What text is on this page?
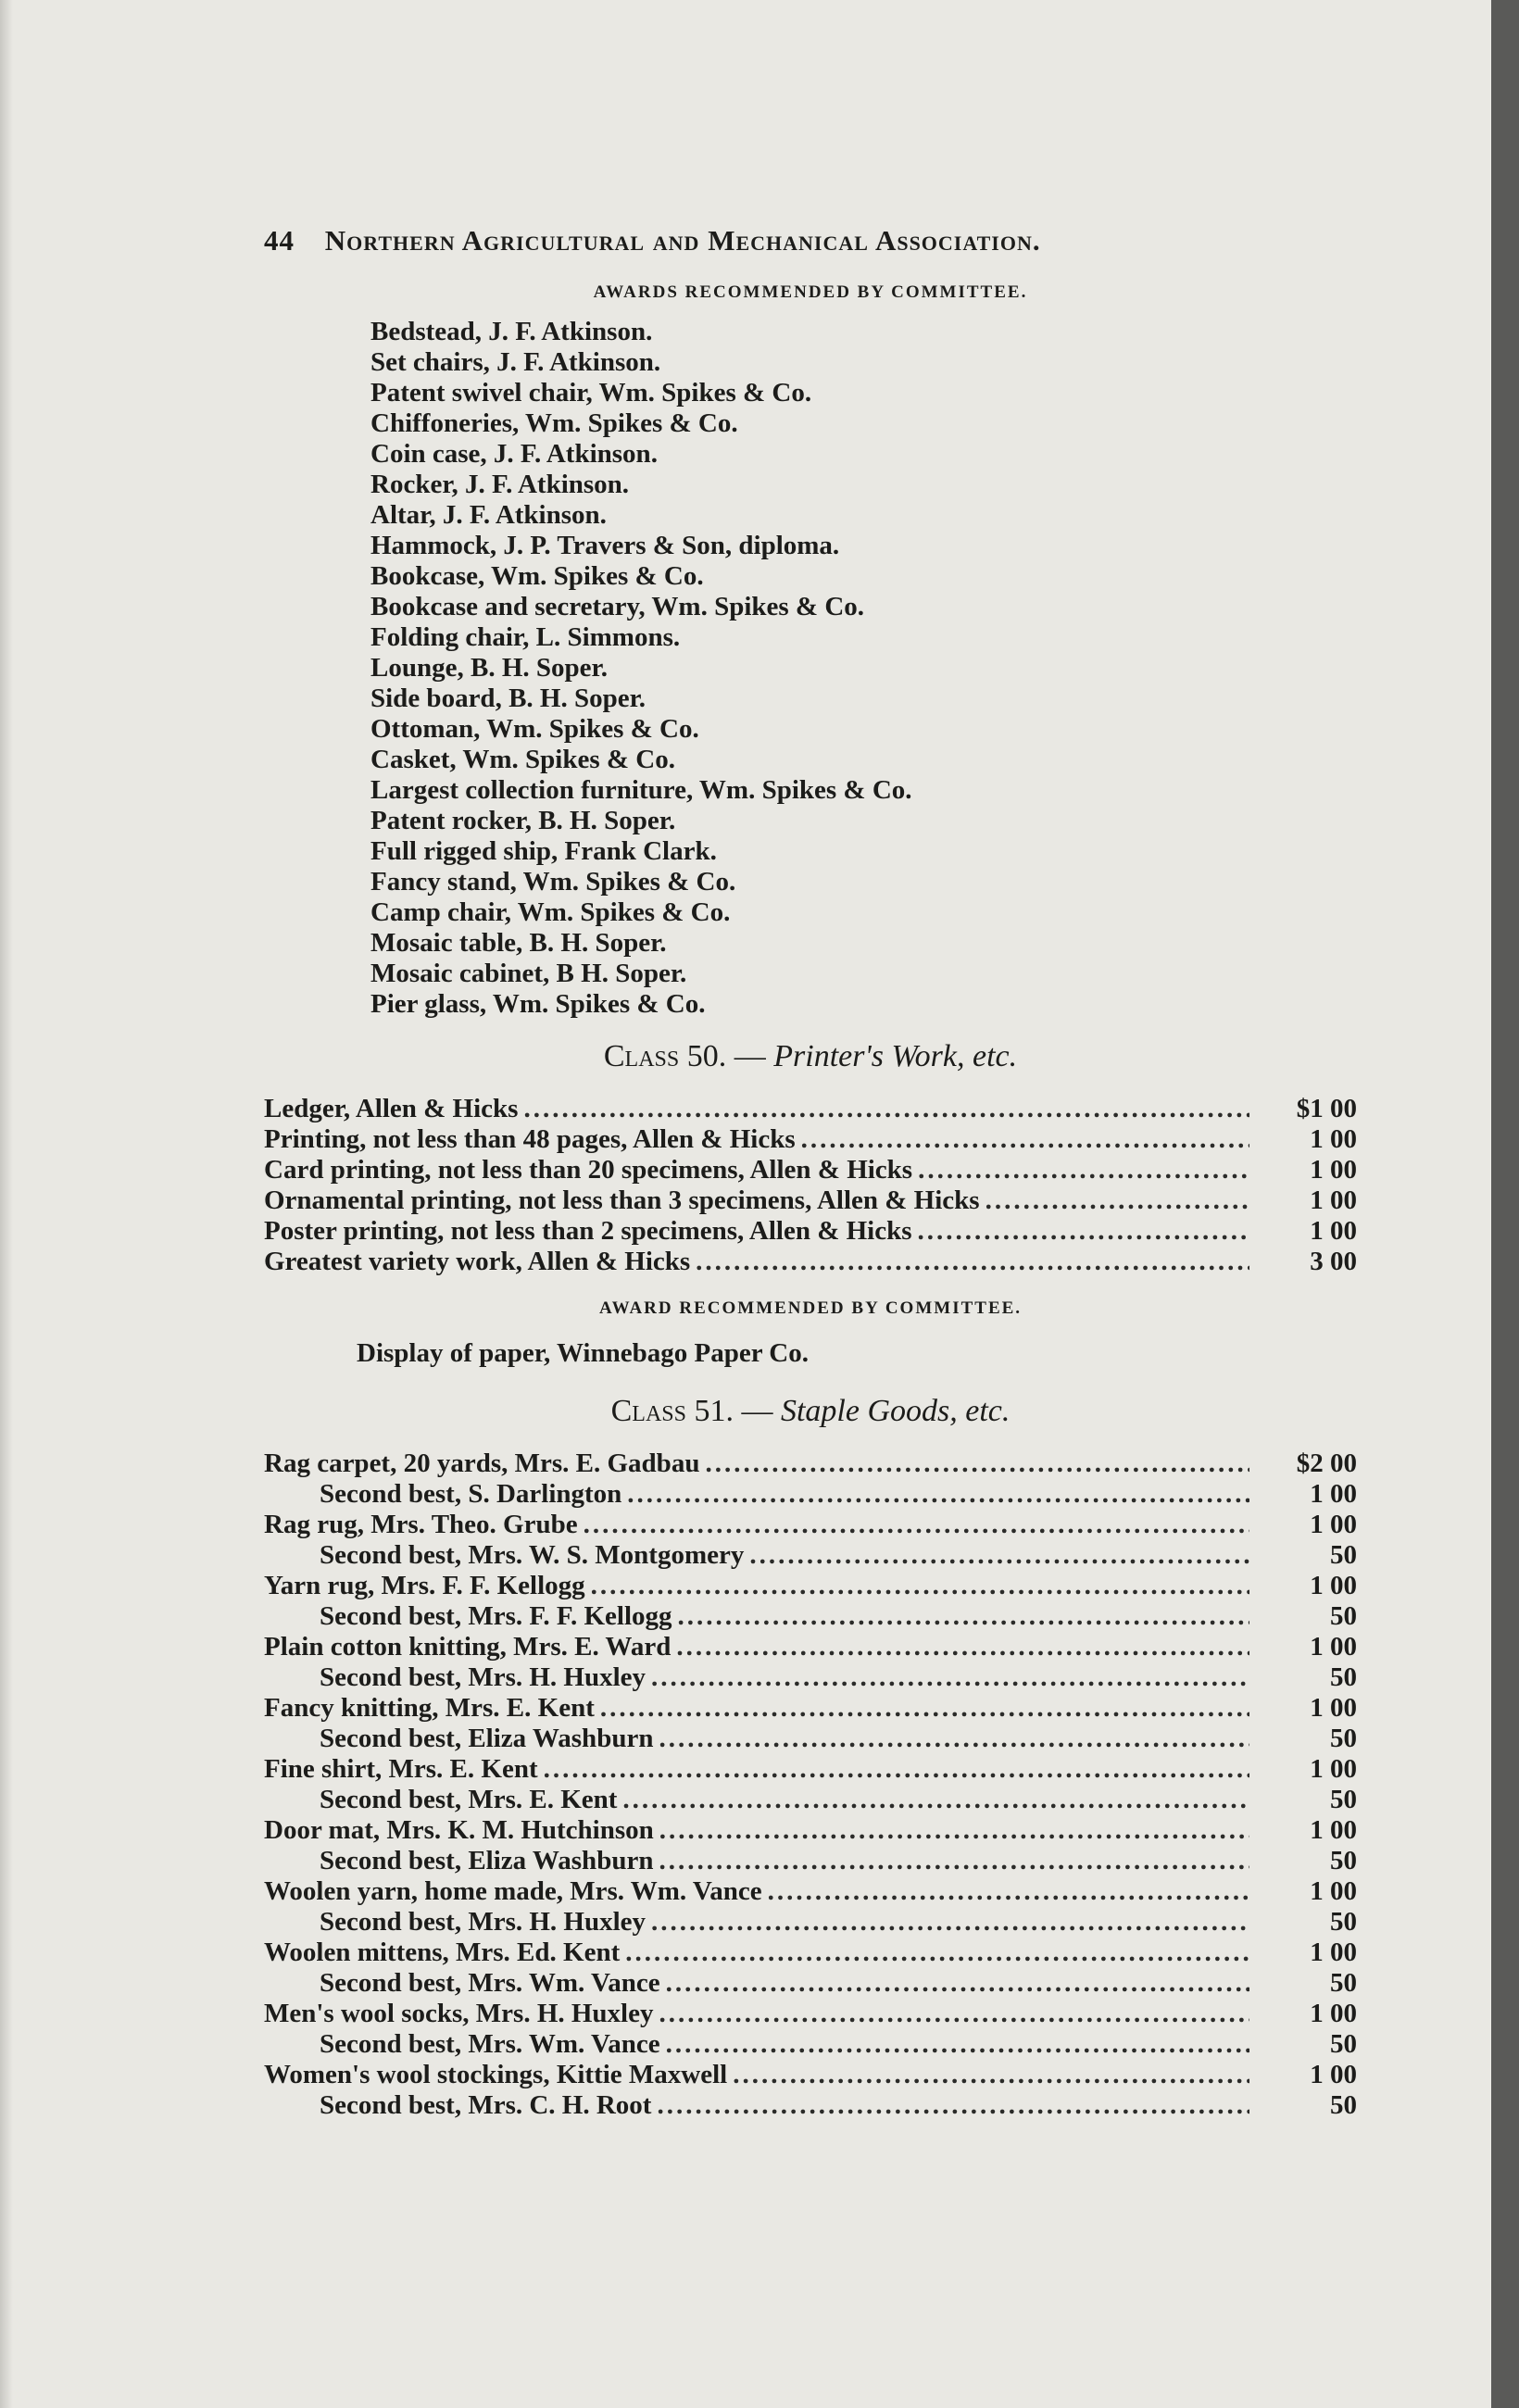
44 Northern Agricultural and Mechanical Association.
AWARDS RECOMMENDED BY COMMITTEE.
Bedstead, J. F. Atkinson.
Set chairs, J. F. Atkinson.
Patent swivel chair, Wm. Spikes & Co.
Chiffoneries, Wm. Spikes & Co.
Coin case, J. F. Atkinson.
Rocker, J. F. Atkinson.
Altar, J. F. Atkinson.
Hammock, J. P. Travers & Son, diploma.
Bookcase, Wm. Spikes & Co.
Bookcase and secretary, Wm. Spikes & Co.
Folding chair, L. Simmons.
Lounge, B. H. Soper.
Side board, B. H. Soper.
Ottoman, Wm. Spikes & Co.
Casket, Wm. Spikes & Co.
Largest collection furniture, Wm. Spikes & Co.
Patent rocker, B. H. Soper.
Full rigged ship, Frank Clark.
Fancy stand, Wm. Spikes & Co.
Camp chair, Wm. Spikes & Co.
Mosaic table, B. H. Soper.
Mosaic cabinet, B H. Soper.
Pier glass, Wm. Spikes & Co.
Class 50. — Printer's Work, etc.
Ledger, Allen & Hicks .....	$1 00
Printing, not less than 48 pages, Allen & Hicks .....	1 00
Card printing, not less than 20 specimens, Allen & Hicks .....	1 00
Ornamental printing, not less than 3 specimens, Allen & Hicks .....	1 00
Poster printing, not less than 2 specimens, Allen & Hicks .....	1 00
Greatest variety work, Allen & Hicks .....	3 00
AWARD RECOMMENDED BY COMMITTEE.
Display of paper, Winnebago Paper Co.
Class 51. — Staple Goods, etc.
Rag carpet, 20 yards, Mrs. E. Gadbau .....	$2 00
Second best, S. Darlington .....	1 00
Rag rug, Mrs. Theo. Grube .....	1 00
Second best, Mrs. W. S. Montgomery .....	50
Yarn rug, Mrs. F. F. Kellogg .....	1 00
Second best, Mrs. F. F. Kellogg .....	50
Plain cotton knitting, Mrs. E. Ward .....	1 00
Second best, Mrs. H. Huxley .....	50
Fancy knitting, Mrs. E. Kent .....	1 00
Second best, Eliza Washburn .....	50
Fine shirt, Mrs. E. Kent .....	1 00
Second best, Mrs. E. Kent .....	50
Door mat, Mrs. K. M. Hutchinson .....	1 00
Second best, Eliza Washburn .....	50
Woolen yarn, home made, Mrs. Wm. Vance .....	1 00
Second best, Mrs. H. Huxley .....	50
Woolen mittens, Mrs. Ed. Kent .....	1 00
Second best, Mrs. Wm. Vance .....	50
Men's wool socks, Mrs. H. Huxley .....	1 00
Second best, Mrs. Wm. Vance .....	50
Women's wool stockings, Kittie Maxwell .....	1 00
Second best, Mrs. C. H. Root .....	50
